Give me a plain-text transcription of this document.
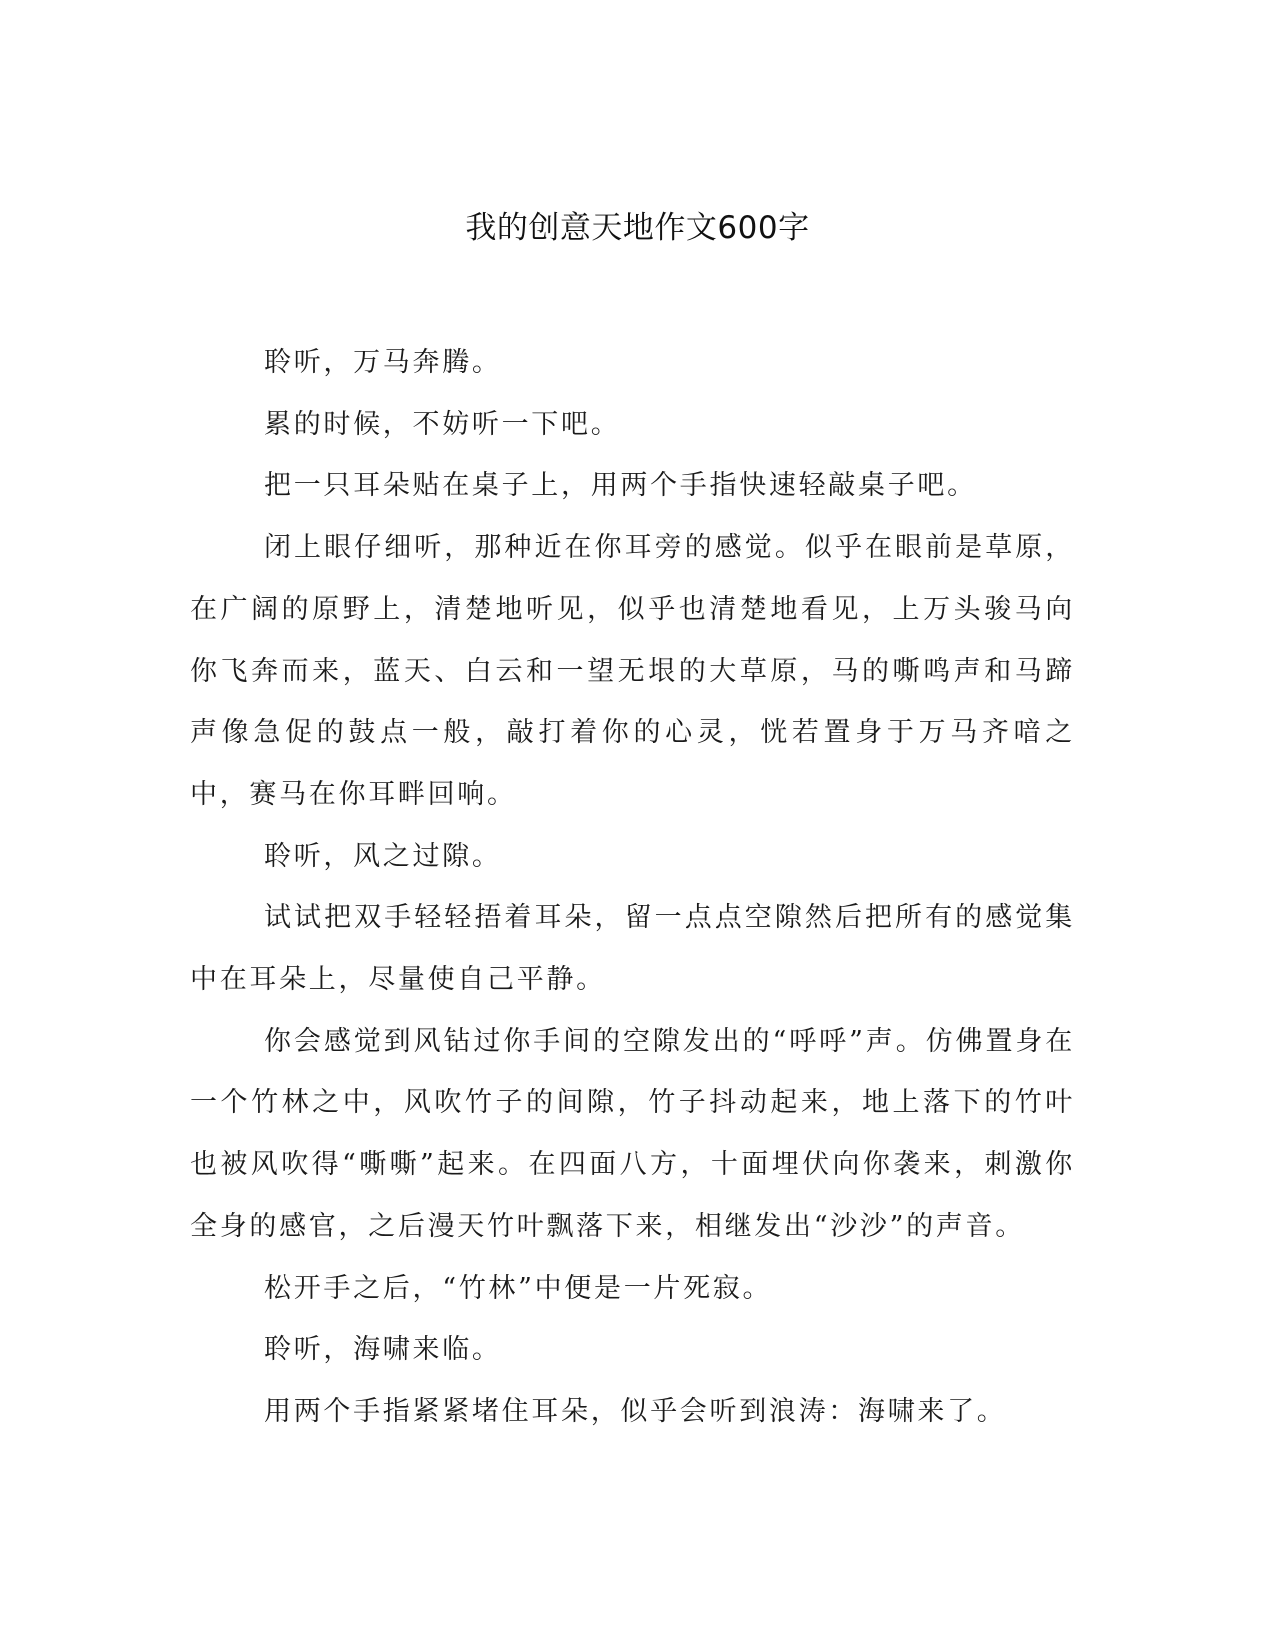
我的创意天地作文600字

聆听，万马奔腾。

累的时候，不妨听一下吧。

把一只耳朵贴在桌子上，用两个手指快速轻敲桌子吧。

闭上眼仔细听，那种近在你耳旁的感觉。似乎在眼前是草原，在广阔的原野上，清楚地听见，似乎也清楚地看见，上万头骏马向你飞奔而来，蓝天、白云和一望无垠的大草原，马的嘶鸣声和马蹄声像急促的鼓点一般，敲打着你的心灵，恍若置身于万马齐喑之中，赛马在你耳畔回响。

聆听，风之过隙。

试试把双手轻轻捂着耳朵，留一点点空隙然后把所有的感觉集中在耳朵上，尽量使自己平静。

你会感觉到风钻过你手间的空隙发出的“呼呼”声。仿佛置身在一个竹林之中，风吹竹子的间隙，竹子抖动起来，地上落下的竹叶也被风吹得“嘶嘶”起来。在四面八方，十面埋伏向你袭来，刺激你全身的感官，之后漫天竹叶飘落下来，相继发出“沙沙”的声音。

松开手之后，“竹林”中便是一片死寂。

聆听，海啸来临。

用两个手指紧紧堵住耳朵，似乎会听到浪涛：海啸来了。
